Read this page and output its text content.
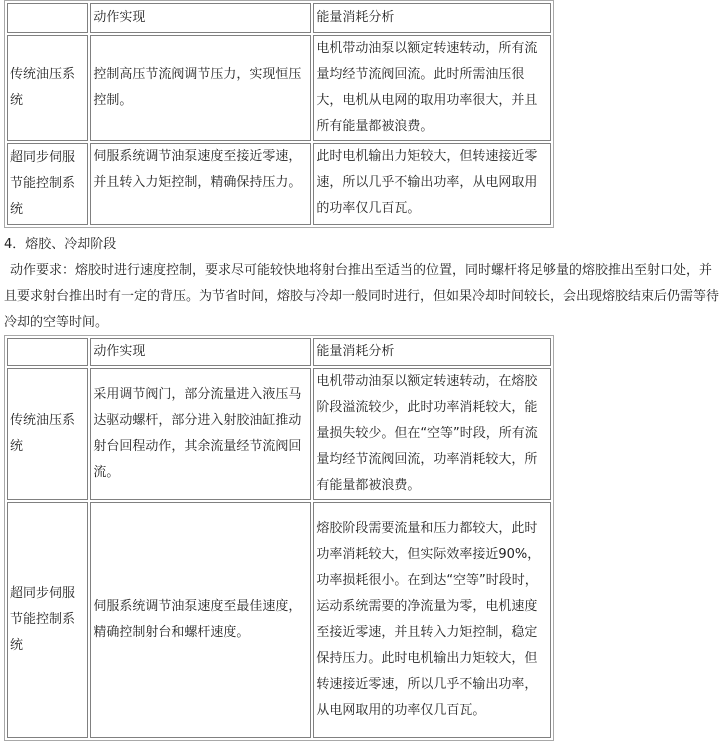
	动作实现	能量消耗分析
传统油压系统	控制高压节流阀调节压力，实现恒压控制。	电机带动油泵以额定转速转动，所有流量均经节流阀回流。此时所需油压很大，电机从电网的取用功率很大，并且所有能量都被浪费。
超同步伺服节能控制系统	伺服系统调节油泵速度至接近零速，并且转入力矩控制，精确保持压力。	此时电机输出力矩较大，但转速接近零速，所以几乎不输出功率，从电网取用的功率仅几百瓦。

4．熔胶、冷却阶段

动作要求：熔胶时进行速度控制，要求尽可能较快地将射台推出至适当的位置，同时螺杆将足够量的熔胶推出至射口处，并且要求射台推出时有一定的背压。为节省时间，熔胶与冷却一般同时进行，但如果冷却时间较长，会出现熔胶结束后仍需等待冷却的空等时间。

	动作实现	能量消耗分析
传统油压系统	采用调节阀门，部分流量进入液压马达驱动螺杆，部分进入射胶油缸推动射台回程动作，其余流量经节流阀回流。	电机带动油泵以额定转速转动，在熔胶阶段溢流较少，此时功率消耗较大，能量损失较少。但在“空等”时段，所有流量均经节流阀回流，功率消耗较大，所有能量都被浪费。
超同步伺服节能控制系统	伺服系统调节油泵速度至最佳速度，精确控制射台和螺杆速度。	熔胶阶段需要流量和压力都较大，此时功率消耗较大，但实际效率接近90%，功率损耗很小。在到达“空等”时段时，运动系统需要的净流量为零，电机速度至接近零速，并且转入力矩控制，稳定保持压力。此时电机输出力矩较大，但转速接近零速，所以几乎不输出功率，从电网取用的功率仅几百瓦。
